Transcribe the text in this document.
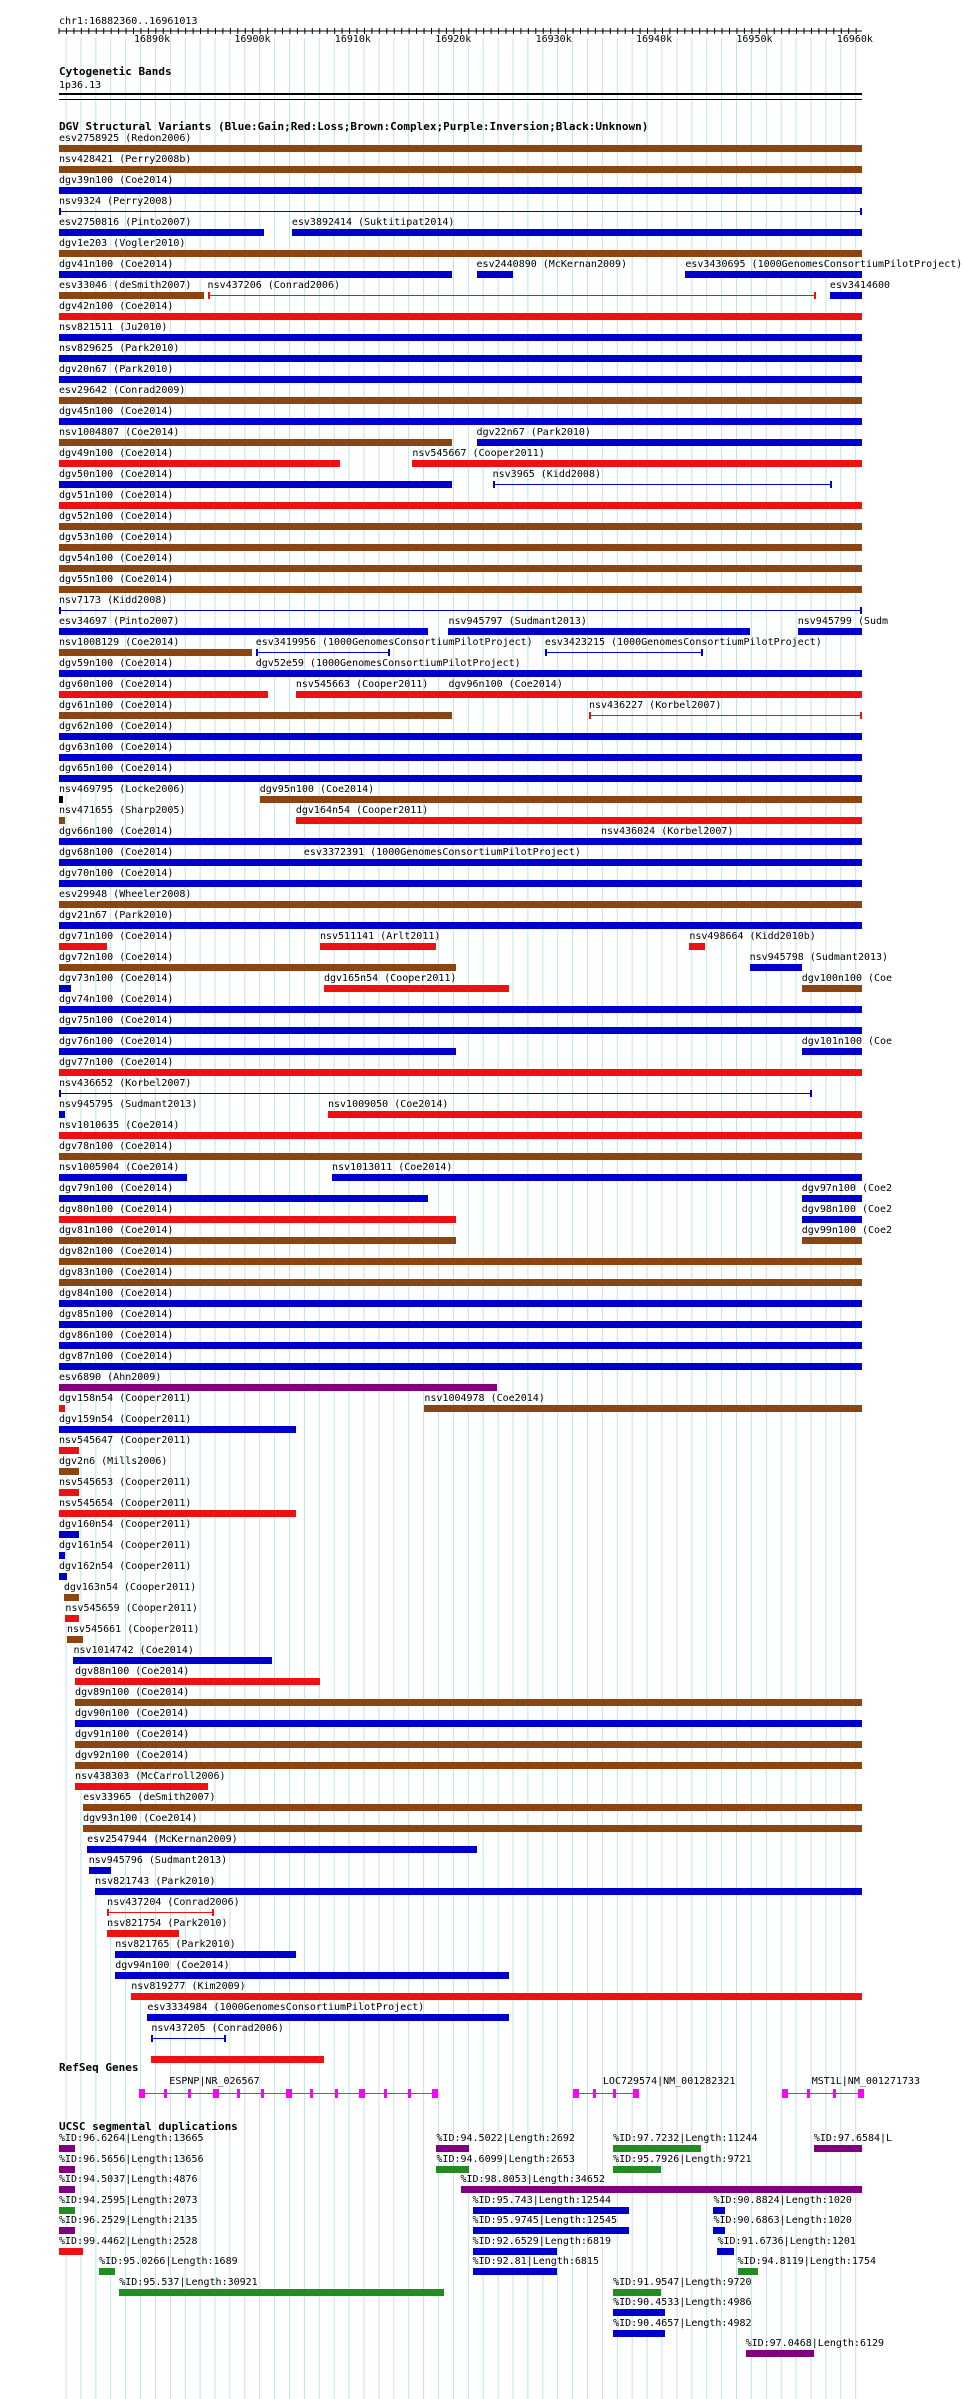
chr1:16882360..16961013
16890k	16900k	16910k	16920k	16930k	16940k	16950k	16960k
Cytogenetic Bands
1p36.13
DGV Structural Variants (Blue:Gain;Red:Loss;Brown:Complex;Purple:Inversion;Black:Unknown)
esv2758925 (Redon2006)
nsv428421 (Perry2008b)
dgv39n100 (Coe2014)
nsv9324 (Perry2008)
esv2750816 (Pinto2007)	esv3892414 (Suktitipat2014)
dgv1e203 (Vogler2010)
dgv41n100 (Coe2014)	esv2440890 (McKernan2009)	esv3430695 (1000GenomesConsortiumPilotProject)
esv33046 (deSmith2007) nsv437206 (Conrad2006)	esv3414600
dgv42n100 (Coe2014)
nsv821511 (Ju2010)
nsv829625 (Park2010)
dgv20n67 (Park2010)
esv29642 (Conrad2009)
dgv45n100 (Coe2014)
nsv1004807 (Coe2014)	dgv22n67 (Park2010)
dgv49n100 (Coe2014)	nsv545667 (Cooper2011)
dgv50n100 (Coe2014)	nsv3965 (Kidd2008)
dgv51n100 (Coe2014)
dgv52n100 (Coe2014)
dgv53n100 (Coe2014)
dgv54n100 (Coe2014)
dgv55n100 (Coe2014)
nsv7173 (Kidd2008)
esv34697 (Pinto2007)	nsv945797 (Sudmant2013)	nsv945799 (Sudm
nsv1008129 (Coe2014)	esv3419956 (1000GenomesConsortiumPilotProject) esv3423215 (1000GenomesConsortiumPilotProject)
dgv59n100 (Coe2014)	dgv52e59 (1000GenomesConsortiumPilotProject)
dgv60n100 (Coe2014)	nsv545663 (Cooper2011) dgv96n100 (Coe2014)
dgv61n100 (Coe2014)	nsv436227 (Korbel2007)
dgv62n100 (Coe2014)
dgv63n100 (Coe2014)
dgv65n100 (Coe2014)
nsv469795 (Locke2006)	dgv95n100 (Coe2014)
nsv471655 (Sharp2005)	dgv164n54 (Cooper2011)
dgv66n100 (Coe2014)	nsv436024 (Korbel2007)
dgv68n100 (Coe2014)	esv3372391 (1000GenomesConsortiumPilotProject)
dgv70n100 (Coe2014)
esv29948 (Wheeler2008)
dgv21n67 (Park2010)
dgv71n100 (Coe2014)	nsv511141 (Arlt2011)	nsv498664 (Kidd2010b)
dgv72n100 (Coe2014)	nsv945798 (Sudmant2013)
dgv73n100 (Coe2014)	dgv165n54 (Cooper2011)	dgv100n100 (Coe
dgv74n100 (Coe2014)
dgv75n100 (Coe2014)
dgv76n100 (Coe2014)	dgv101n100 (Coe
dgv77n100 (Coe2014)
nsv436652 (Korbel2007)
nsv945795 (Sudmant2013)	nsv1009050 (Coe2014)
nsv1010635 (Coe2014)
dgv78n100 (Coe2014)
nsv1005904 (Coe2014)	nsv1013011 (Coe2014)
dgv79n100 (Coe2014)	dgv97n100 (Coe2
dgv80n100 (Coe2014)	dgv98n100 (Coe2
dgv81n100 (Coe2014)	dgv99n100 (Coe2
dgv82n100 (Coe2014)
dgv83n100 (Coe2014)
dgv84n100 (Coe2014)
dgv85n100 (Coe2014)
dgv86n100 (Coe2014)
dgv87n100 (Coe2014)
esv6890 (Ahn2009)
dgv158n54 (Cooper2011)	nsv1004978 (Coe2014)
dgv159n54 (Cooper2011)
nsv545647 (Cooper2011)
dgv2n6 (Mills2006)
nsv545653 (Cooper2011)
nsv545654 (Cooper2011)
dgv160n54 (Cooper2011)
dgv161n54 (Cooper2011)
dgv162n54 (Cooper2011)
dgv163n54 (Cooper2011)
nsv545659 (Cooper2011)
nsv545661 (Cooper2011)
nsv1014742 (Coe2014)
dgv88n100 (Coe2014)
dgv89n100 (Coe2014)
dgv90n100 (Coe2014)
dgv91n100 (Coe2014)
dgv92n100 (Coe2014)
nsv438303 (McCarroll2006)
esv33965 (deSmith2007)
dgv93n100 (Coe2014)
esv2547944 (McKernan2009)
nsv945796 (Sudmant2013)
nsv821743 (Park2010)
nsv437204 (Conrad2006)
nsv821754 (Park2010)
nsv821765 (Park2010)
dgv94n100 (Coe2014)
nsv819277 (Kim2009)
esv3334984 (1000GenomesConsortiumPilotProject)
nsv437205 (Conrad2006)
RefSeq Genes
ESPNP|NR_026567	LOC729574|NM_001282321	MST1L|NM_001271733
UCSC segmental duplications
%ID:96.6264|Length:13665	%ID:94.5022|Length:2692	%ID:97.7232|Length:11244	%ID:97.6584|L
%ID:96.5656|Length:13656	%ID:94.6099|Length:2653	%ID:95.7926|Length:9721
%ID:94.5037|Length:4876	%ID:98.8053|Length:34652
%ID:94.2595|Length:2073	%ID:95.743|Length:12544	%ID:90.8824|Length:1020
%ID:96.2529|Length:2135	%ID:95.9745|Length:12545	%ID:90.6863|Length:1020
%ID:99.4462|Length:2528	%ID:92.6529|Length:6819	%ID:91.6736|Length:1201
%ID:95.0266|Length:1689	%ID:92.81|Length:6815	%ID:94.8119|Length:1754
%ID:95.537|Length:30921	%ID:91.9547|Length:9720
%ID:90.4533|Length:4986
%ID:90.4657|Length:4982
%ID:97.0468|Length:6129
